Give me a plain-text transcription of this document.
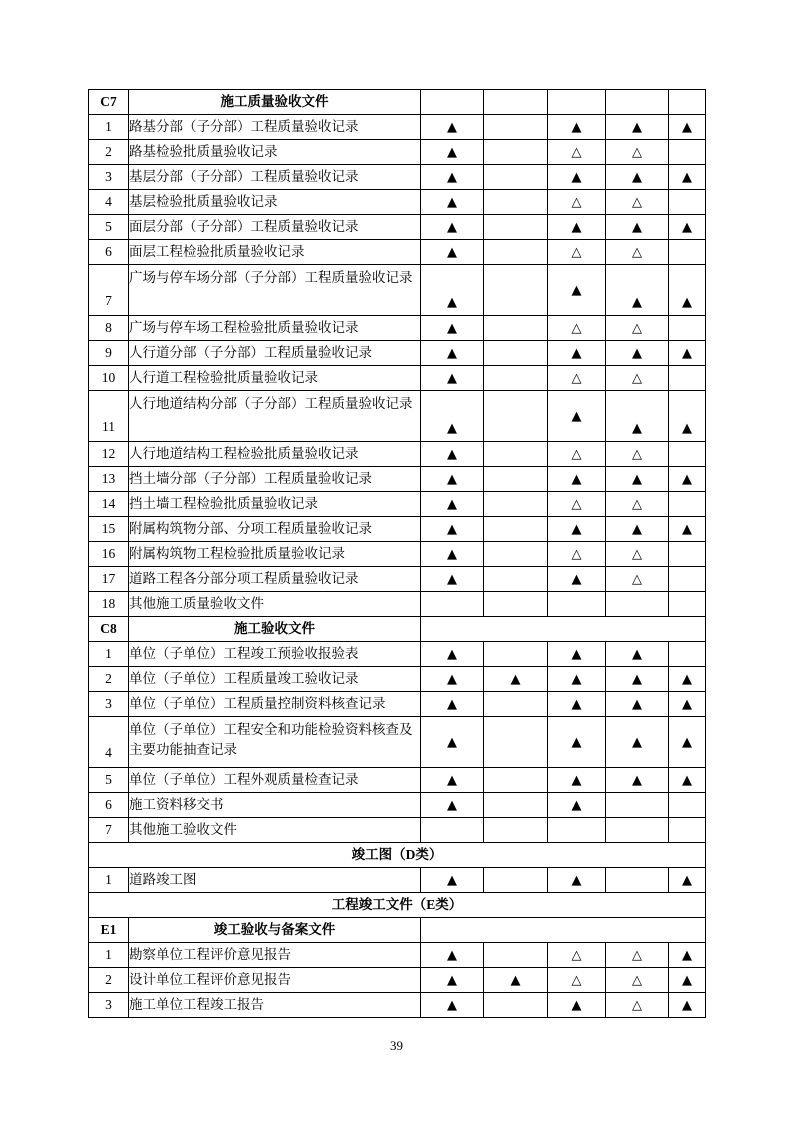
C7	施工质量验收文件					
1	路基分部（子分部）工程质量验收记录	▲		▲	▲	▲
2	路基检验批质量验收记录	▲		△	△	
3	基层分部（子分部）工程质量验收记录	▲		▲	▲	▲
4	基层检验批质量验收记录	▲		△	△	
5	面层分部（子分部）工程质量验收记录	▲		▲	▲	▲
6	面层工程检验批质量验收记录	▲		△	△	
7	广场与停车场分部（子分部）工程质量验收记录	▲		▲	▲	▲
8	广场与停车场工程检验批质量验收记录	▲		△	△	
9	人行道分部（子分部）工程质量验收记录	▲		▲	▲	▲
10	人行道工程检验批质量验收记录	▲		△	△	
11	人行地道结构分部（子分部）工程质量验收记录	▲		▲	▲	▲
12	人行地道结构工程检验批质量验收记录	▲		△	△	
13	挡土墙分部（子分部）工程质量验收记录	▲		▲	▲	▲
14	挡土墙工程检验批质量验收记录	▲		△	△	
15	附属构筑物分部、分项工程质量验收记录	▲		▲	▲	▲
16	附属构筑物工程检验批质量验收记录	▲		△	△	
17	道路工程各分部分项工程质量验收记录	▲		▲	△	
18	其他施工质量验收文件					
C8	施工验收文件					
1	单位（子单位）工程竣工预验收报验表	▲		▲	▲	
2	单位（子单位）工程质量竣工验收记录	▲	▲	▲	▲	▲
3	单位（子单位）工程质量控制资料核查记录	▲		▲	▲	▲
4	单位（子单位）工程安全和功能检验资料核查及主要功能抽查记录	▲		▲	▲	▲
5	单位（子单位）工程外观质量检查记录	▲		▲	▲	▲
6	施工资料移交书	▲		▲		
7	其他施工验收文件					
竣工图（D类）						
1	道路竣工图	▲		▲		▲
工程竣工文件（E类）						
E1	竣工验收与备案文件					
1	勘察单位工程评价意见报告	▲		△	△	▲
2	设计单位工程评价意见报告	▲	▲	△	△	▲
3	施工单位工程竣工报告	▲		▲	△	▲
39
